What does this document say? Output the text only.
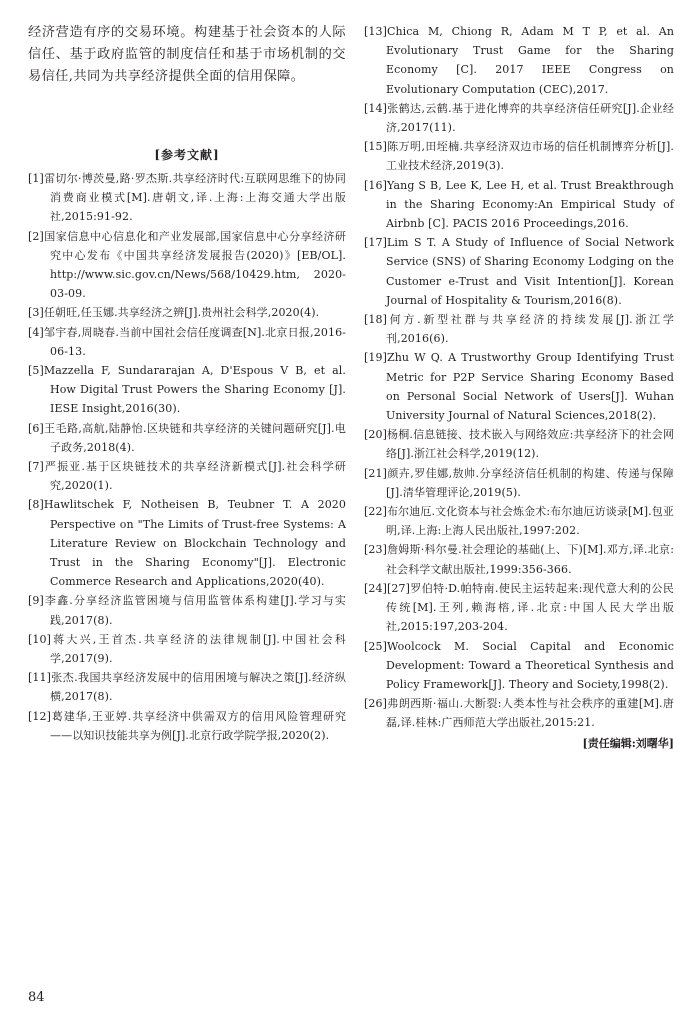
经济营造有序的交易环境。构建基于社会资本的人际信任、基于政府监管的制度信任和基于市场机制的交易信任,共同为共享经济提供全面的信用保障。

[参考文献]

[1]雷切尔·博茨曼,路·罗杰斯.共享经济时代:互联网思维下的协同消费商业模式[M].唐朝文,译.上海:上海交通大学出版社,2015:91-92.

[2]国家信息中心信息化和产业发展部,国家信息中心分享经济研究中心发布《中国共享经济发展报告(2020)》[EB/OL]. http://www.sic.gov.cn/News/568/10429.htm, 2020-03-09.

[3]任朝旺,任玉娜.共享经济之辨[J].贵州社会科学,2020(4).

[4]邹宇春,周晓春.当前中国社会信任度调查[N].北京日报,2016-06-13.

[5]Mazzella F, Sundararajan A, D'Espous V B, et al. How Digital Trust Powers the Sharing Economy [J]. IESE Insight,2016(30).

[6]王毛路,高航,陆静怡.区块链和共享经济的关键问题研究[J].电子政务,2018(4).

[7]严振亚.基于区块链技术的共享经济新模式[J].社会科学研究,2020(1).

[8]Hawlitschek F, Notheisen B, Teubner T. A 2020 Perspective on "The Limits of Trust-free Systems: A Literature Review on Blockchain Technology and Trust in the Sharing Economy"[J]. Electronic Commerce Research and Applications,2020(40).

[9]李鑫.分享经济监管困境与信用监管体系构建[J].学习与实践,2017(8).

[10]蒋大兴,王首杰.共享经济的法律规制[J].中国社会科学,2017(9).

[11]张杰.我国共享经济发展中的信用困境与解决之策[J].经济纵横,2017(8).

[12]葛建华,王亚婷.共享经济中供需双方的信用风险管理研究——以知识技能共享为例[J].北京行政学院学报,2020(2).

[13]Chica M, Chiong R, Adam M T P, et al. An Evolutionary Trust Game for the Sharing Economy [C]. 2017 IEEE Congress on Evolutionary Computation (CEC),2017.

[14]张鹤达,云鹤.基于进化博弈的共享经济信任研究[J].企业经济,2017(11).

[15]陈万明,田垤楠.共享经济双边市场的信任机制博弈分析[J].工业技术经济,2019(3).

[16]Yang S B, Lee K, Lee H, et al. Trust Breakthrough in the Sharing Economy:An Empirical Study of Airbnb [C]. PACIS 2016 Proceedings,2016.

[17]Lim S T. A Study of Influence of Social Network Service (SNS) of Sharing Economy Lodging on the Customer e-Trust and Visit Intention[J]. Korean Journal of Hospitality & Tourism,2016(8).

[18]何方.新型社群与共享经济的持续发展[J].浙江学刊,2016(6).

[19]Zhu W Q. A Trustworthy Group Identifying Trust Metric for P2P Service Sharing Economy Based on Personal Social Network of Users[J]. Wuhan University Journal of Natural Sciences,2018(2).

[20]杨桐.信息链接、技术嵌入与网络效应:共享经济下的社会网络[J].浙江社会科学,2019(12).

[21]颜卉,罗佳娜,敖帅.分享经济信任机制的构建、传递与保障[J].清华管理评论,2019(5).

[22]布尔迪厄.文化资本与社会炼金术:布尔迪厄访谈录[M].包亚明,译.上海:上海人民出版社,1997:202.

[23]詹姆斯·科尔曼.社会理论的基础(上、下)[M].邓方,译.北京:社会科学文献出版社,1999:356-366.

[24][27]罗伯特·D.帕特南.使民主运转起来:现代意大利的公民传统[M].王列,赖海榕,译.北京:中国人民大学出版社,2015:197,203-204.

[25]Woolcock M. Social Capital and Economic Development: Toward a Theoretical Synthesis and Policy Framework[J]. Theory and Society,1998(2).

[26]弗朗西斯·福山.大断裂:人类本性与社会秩序的重建[M].唐磊,译.桂林:广西师范大学出版社,2015:21.

[责任编辑:刘曙华]
84
